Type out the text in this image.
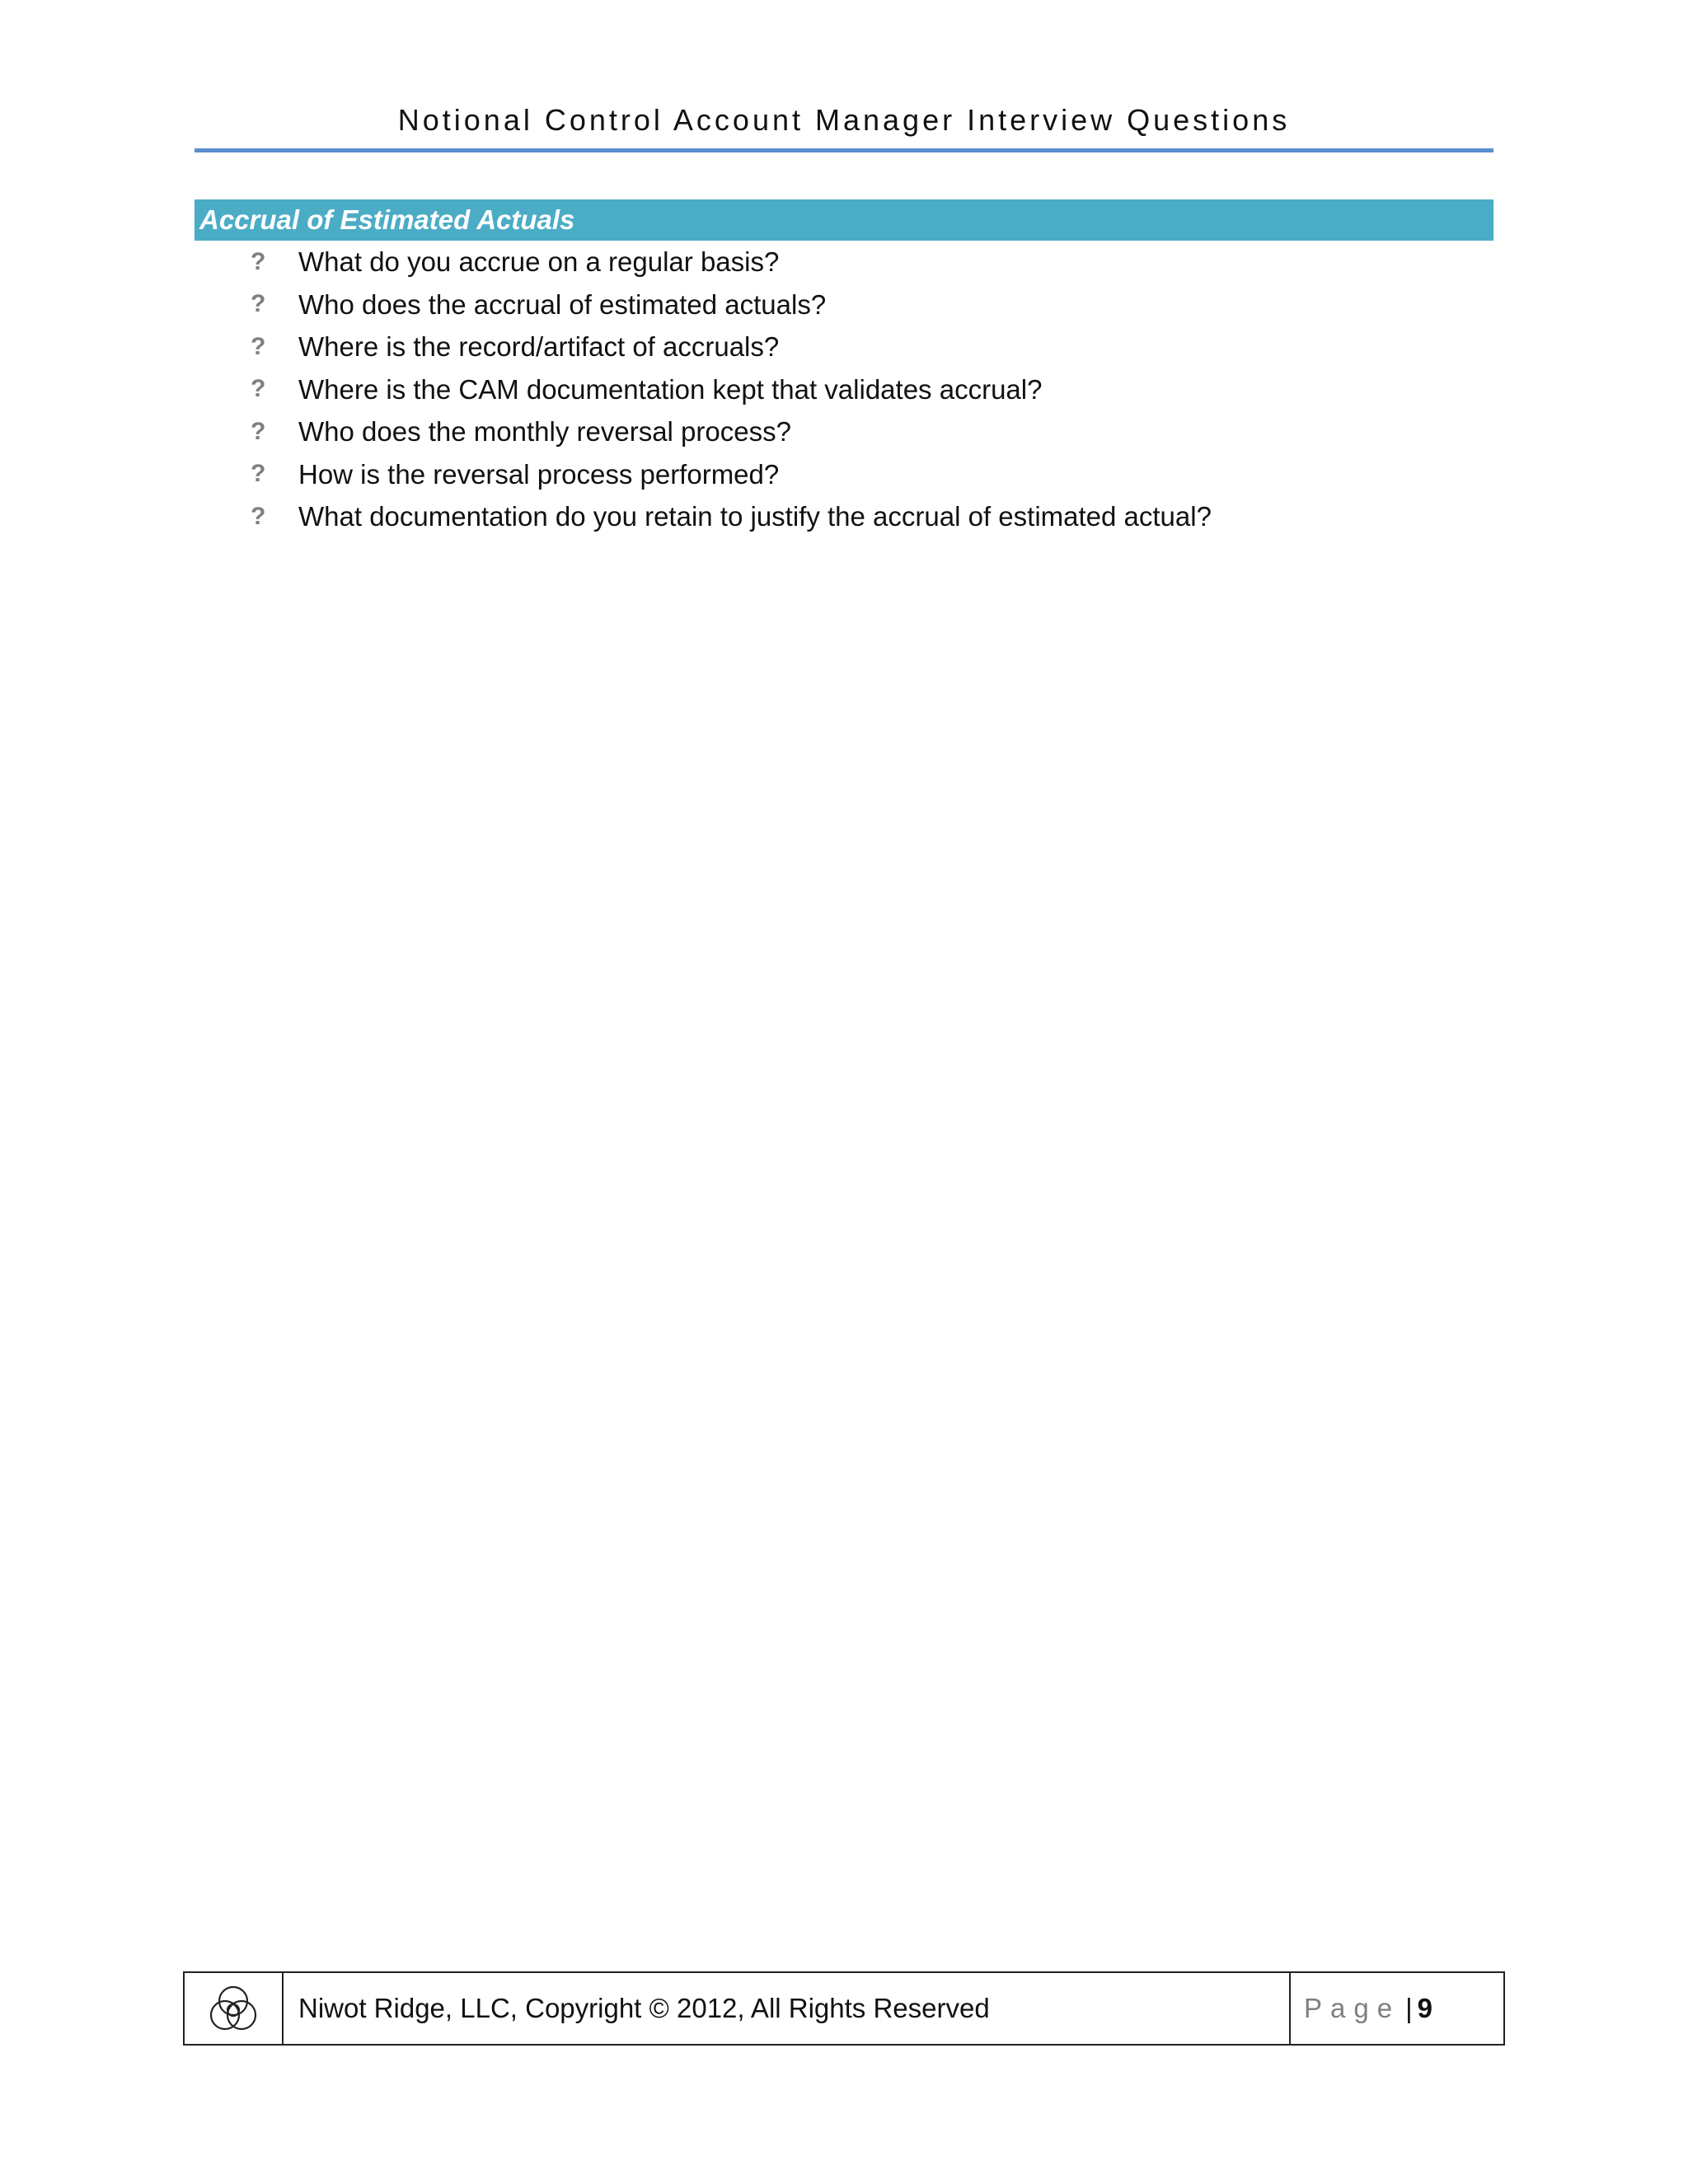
Notional Control Account Manager Interview Questions
Accrual of Estimated Actuals
?	What do you accrue on a regular basis?
?	Who does the accrual of estimated actuals?
?	Where is the record/artifact of accruals?
?	Where is the CAM documentation kept that validates accrual?
?	Who does the monthly reversal process?
?	How is the reversal process performed?
?	What documentation do you retain to justify the accrual of estimated actual?
Niwot Ridge, LLC, Copyright © 2012, All Rights Reserved	Page | 9
